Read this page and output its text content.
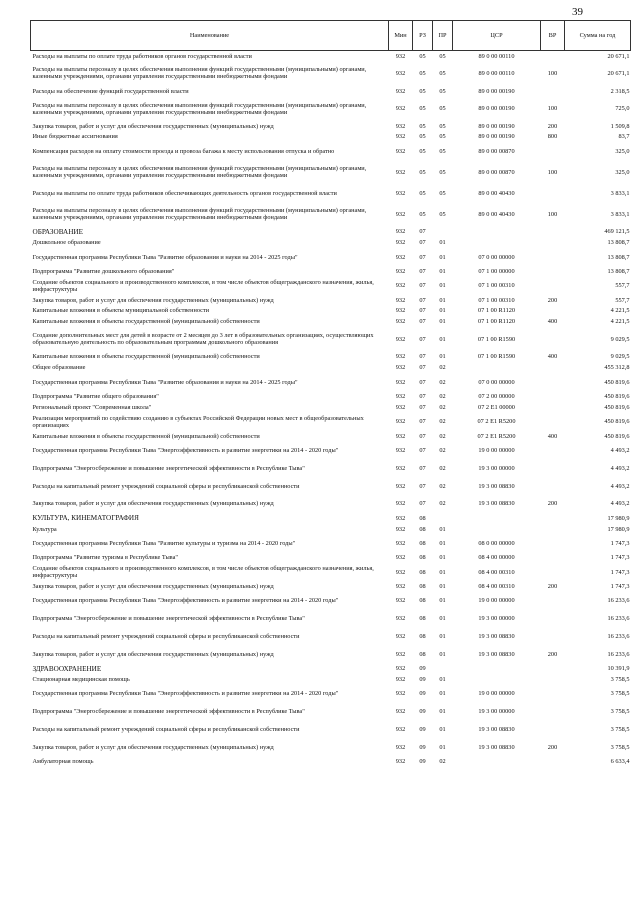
39
Наименование	Мин	РЗ	ПР	ЦСР	ВР	Сумма на год
Расходы на выплаты по оплате труда работников органов государственной власти	932	05	05	89 0 00 00110		20 671,1
Расходы на выплаты персоналу в целях обеспечения выполнения функций государственными (муниципальными) органами, казенными учреждениями, органами управления государственными внебюджетными фондами	932	05	05	89 0 00 00110	100	20 671,1
Расходы на обеспечение функций государственной власти	932	05	05	89 0 00 00190		2 318,5
Расходы на выплаты персоналу в целях обеспечения выполнения функций государственными (муниципальными) органами, казенными учреждениями, органами управления государственными внебюджетными фондами	932	05	05	89 0 00 00190	100	725,0
Закупка товаров, работ и услуг для обеспечения государственных (муниципальных) нужд	932	05	05	89 0 00 00190	200	1 509,8
Иные бюджетные ассигнования	932	05	05	89 0 00 00190	800	83,7
Компенсация расходов на оплату стоимости проезда и провоза багажа к месту использования отпуска и обратно	932	05	05	89 0 00 00870		325,0
Расходы на выплаты персоналу в целях обеспечения выполнения функций государственными (муниципальными) органами, казенными учреждениями, органами управления государственными внебюджетными фондами	932	05	05	89 0 00 00870	100	325,0
Расходы на выплаты по оплате труда работников обеспечивающих деятельность органов государственной власти	932	05	05	89 0 00 40430		3 833,1
Расходы на выплаты персоналу в целях обеспечения выполнения функций государственными (муниципальными) органами, казенными учреждениями, органами управления государственными внебюджетными фондами	932	05	05	89 0 00 40430	100	3 833,1
ОБРАЗОВАНИЕ	932	07				469 121,5
Дошкольное образование	932	07	01			13 808,7
Государственная программа Республики Тыва "Развитие образования и науки на 2014 - 2025 годы"	932	07	01	07 0 00 00000		13 808,7
Подпрограмма "Развитие дошкольного образования"	932	07	01	07 1 00 00000		13 808,7
Создание объектов социального и производственного комплексов, в том числе объектов общегражданского назначения, жилья, инфраструктуры	932	07	01	07 1 00 00310		557,7
Закупка товаров, работ и услуг для обеспечения государственных (муниципальных) нужд	932	07	01	07 1 00 00310	200	557,7
Капитальные вложения в объекты муниципальной собственности	932	07	01	07 1 00 R1120		4 221,5
Капитальные вложения в объекты государственной (муниципальной) собственности	932	07	01	07 1 00 R1120	400	4 221,5
Создание дополнительных мест для детей в возрасте от 2 месяцев до 3 лет в образовательных организациях, осуществляющих образовательную деятельность по образовательным программам дошкольного образования	932	07	01	07 1 00 R1590		9 029,5
Капитальные вложения в объекты государственной (муниципальной) собственности	932	07	01	07 1 00 R1590	400	9 029,5
Общее образование	932	07	02			455 312,8
Государственная программа Республики Тыва "Развитие образования и науки на 2014 - 2025 годы"	932	07	02	07 0 00 00000		450 819,6
Подпрограмма "Развитие общего образования"	932	07	02	07 2 00 00000		450 819,6
Региональный проект "Современная школа"	932	07	02	07 2 E1 00000		450 819,6
Реализация мероприятий по содействию созданию в субъектах Российской Федерации новых мест в общеобразовательных организациях	932	07	02	07 2 E1 R5200		450 819,6
Капитальные вложения в объекты государственной (муниципальной) собственности	932	07	02	07 2 E1 R5200	400	450 819,6
Государственная программа Республики Тыва "Энергоэффективность и развитие энергетики на 2014 - 2020 годы"	932	07	02	19 0 00 00000		4 493,2
Подпрограмма "Энергосбережение и повышение энергетической эффективности в Республике Тыва"	932	07	02	19 3 00 00000		4 493,2
Расходы на капитальный ремонт учреждений социальной сферы и республиканской собственности	932	07	02	19 3 00 08830		4 493,2
Закупка товаров, работ и услуг для обеспечения государственных (муниципальных) нужд	932	07	02	19 3 00 08830	200	4 493,2
КУЛЬТУРА, КИНЕМАТОГРАФИЯ	932	08				17 980,9
Культура	932	08	01			17 980,9
Государственная программа Республики Тыва "Развитие культуры и туризма на 2014 - 2020 годы"	932	08	01	08 0 00 00000		1 747,3
Подпрограмма "Развитие туризма в Республике Тыва"	932	08	01	08 4 00 00000		1 747,3
Создание объектов социального и производственного комплексов, в том числе объектов общегражданского назначения, жилья, инфраструктуры	932	08	01	08 4 00 00310		1 747,3
Закупка товаров, работ и услуг для обеспечения государственных (муниципальных) нужд	932	08	01	08 4 00 00310	200	1 747,3
Государственная программа Республики Тыва "Энергоэффективность и развитие энергетики на 2014 - 2020 годы"	932	08	01	19 0 00 00000		16 233,6
Подпрограмма "Энергосбережение и повышение энергетической эффективности в Республике Тыва"	932	08	01	19 3 00 00000		16 233,6
Расходы на капитальный ремонт учреждений социальной сферы и республиканской собственности	932	08	01	19 3 00 08830		16 233,6
Закупка товаров, работ и услуг для обеспечения государственных (муниципальных) нужд	932	08	01	19 3 00 08830	200	16 233,6
ЗДРАВООХРАНЕНИЕ	932	09				10 391,9
Стационарная медицинская помощь	932	09	01			3 758,5
Государственная программа Республики Тыва "Энергоэффективность и развитие энергетики на 2014 - 2020 годы"	932	09	01	19 0 00 00000		3 758,5
Подпрограмма "Энергосбережение и повышение энергетической эффективности в Республике Тыва"	932	09	01	19 3 00 00000		3 758,5
Расходы на капитальный ремонт учреждений социальной сферы и республиканской собственности	932	09	01	19 3 00 08830		3 758,5
Закупка товаров, работ и услуг для обеспечения государственных (муниципальных) нужд	932	09	01	19 3 00 08830	200	3 758,5
Амбулаторная помощь	932	09	02			6 633,4
